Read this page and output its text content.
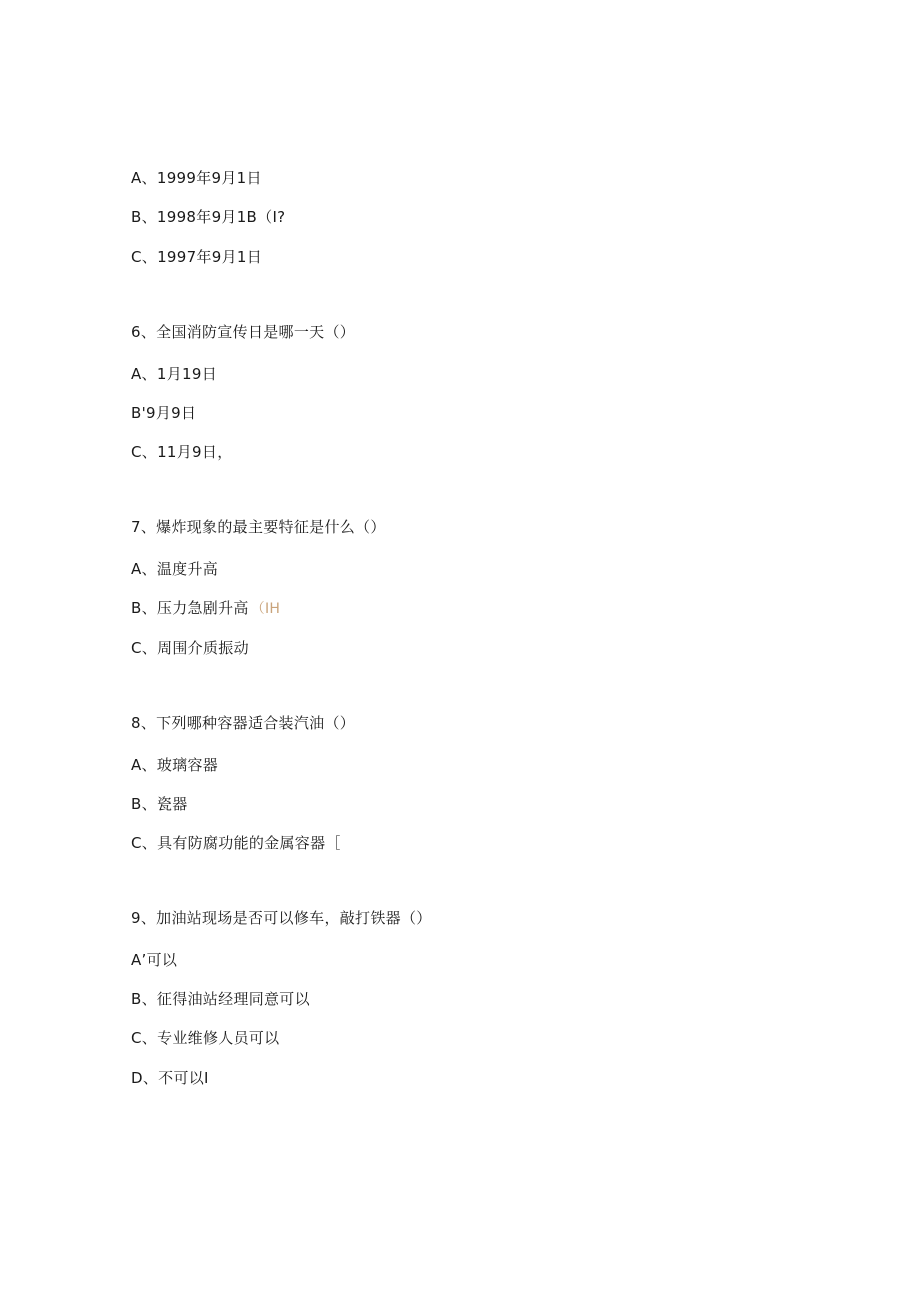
A、1999年9月1日
B、1998年9月1B（I?
C、1997年9月1日
6、全国消防宣传日是哪一天（）
A、1月19日
B'9月9日
C、11月9日，
7、爆炸现象的最主要特征是什么（）
A、温度升高
B、压力急剧升高 （IH
C、周围介质振动
8、下列哪种容器适合装汽油（）
A、玻璃容器
B、瓷器
C、具有防腐功能的金属容器［
9、加油站现场是否可以修车，敲打铁器（）
A’可以
B、征得油站经理同意可以
C、专业维修人员可以
D、不可以I
